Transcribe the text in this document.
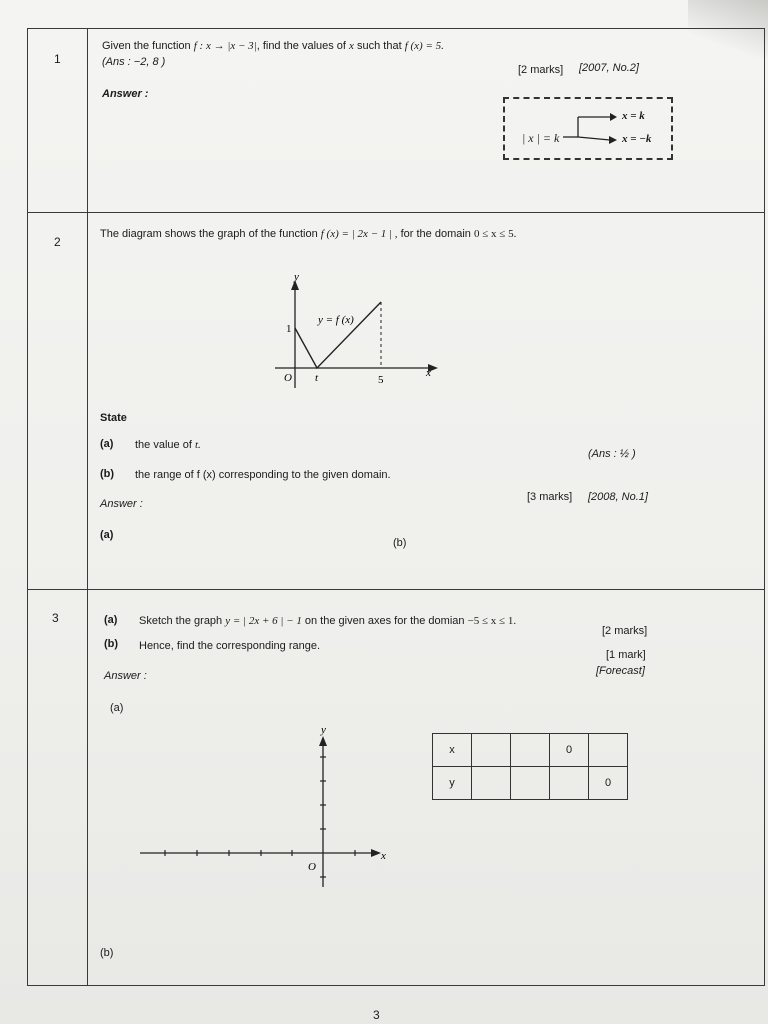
1
Given the function f : x → |x − 3|, find the values of x such that f (x) = 5.
(Ans : −2, 8 )
[2 marks] [2007, No.2]
Answer :
| x | = k
x = k
x = −k
2
The diagram shows the graph of the function f (x) = | 2x − 1 | , for the domain 0 ≤ x ≤ 5.
y
x
O
1
t	5
y = f (x)
State
(a) the value of t.
(Ans : ½ )
(b) the range of f (x) corresponding to the given domain.
Answer :
[3 marks] [2008, No.1]
(a)
(b)
3	(a) Sketch the graph y = | 2x + 6 | − 1 on the given axes for the domian −5 ≤ x ≤ 1.
[2 marks]
(b) Hence, find the corresponding range.
[1 mark]
[Forecast]
Answer :
(a)
y
x
O
x			0	
y				0
(b)
3
